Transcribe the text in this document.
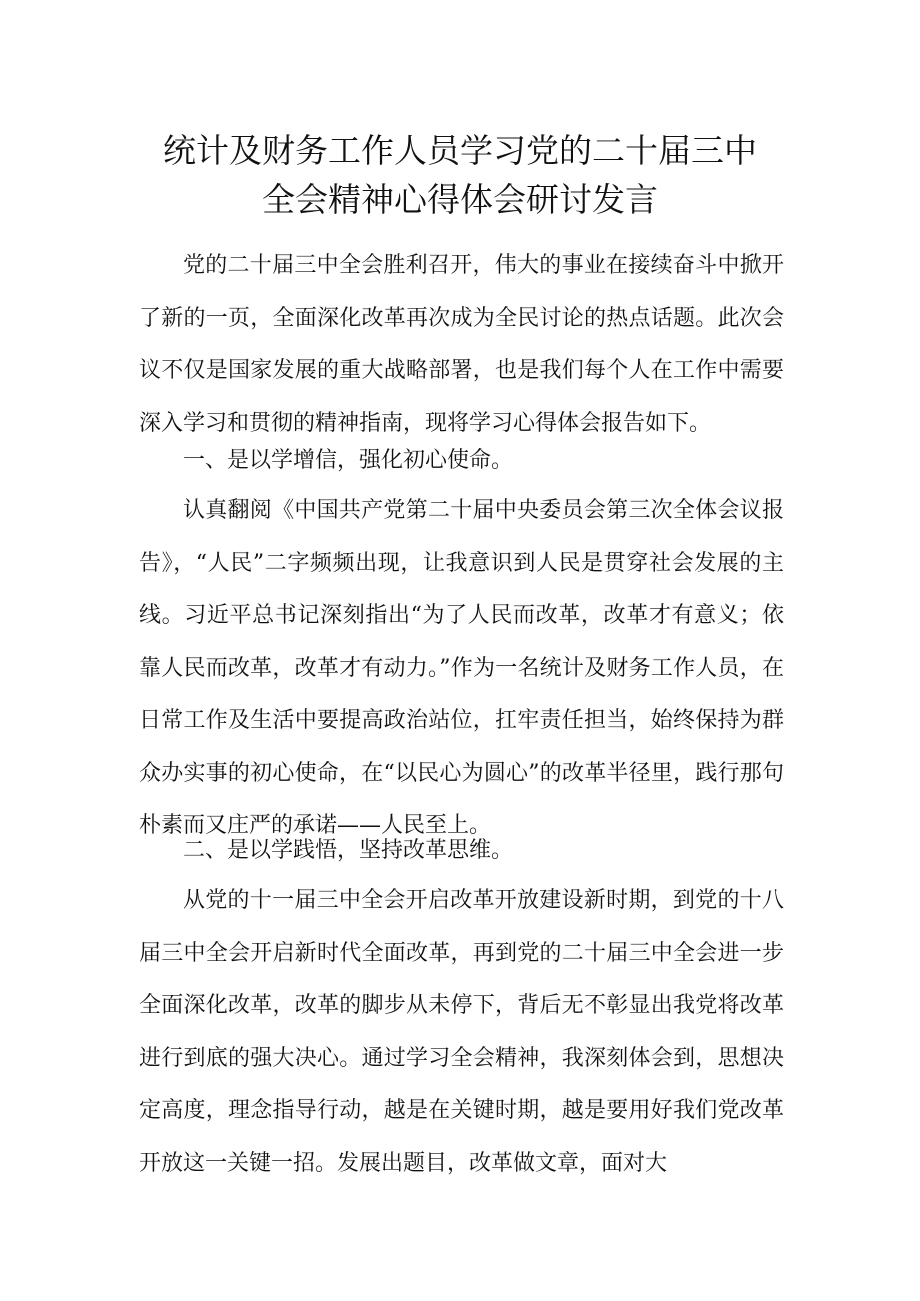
统计及财务工作人员学习党的二十届三中
全会精神心得体会研讨发言

党的二十届三中全会胜利召开，伟大的事业在接续奋斗中掀开了新的一页，全面深化改革再次成为全民讨论的热点话题。此次会议不仅是国家发展的重大战略部署，也是我们每个人在工作中需要深入学习和贯彻的精神指南，现将学习心得体会报告如下。

一、是以学增信，强化初心使命。

认真翻阅《中国共产党第二十届中央委员会第三次全体会议报告》，“人民”二字频频出现，让我意识到人民是贯穿社会发展的主线。习近平总书记深刻指出“为了人民而改革，改革才有意义；依靠人民而改革，改革才有动力。”作为一名统计及财务工作人员，在日常工作及生活中要提高政治站位，扛牢责任担当，始终保持为群众办实事的初心使命，在“以民心为圆心”的改革半径里，践行那句朴素而又庄严的承诺——人民至上。

二、是以学践悟，坚持改革思维。

从党的十一届三中全会开启改革开放建设新时期，到党的十八届三中全会开启新时代全面改革，再到党的二十届三中全会进一步全面深化改革，改革的脚步从未停下，背后无不彰显出我党将改革进行到底的强大决心。通过学习全会精神，我深刻体会到，思想决定高度，理念指导行动，越是在关键时期，越是要用好我们党改革开放这一关键一招。发展出题目，改革做文章，面对大
